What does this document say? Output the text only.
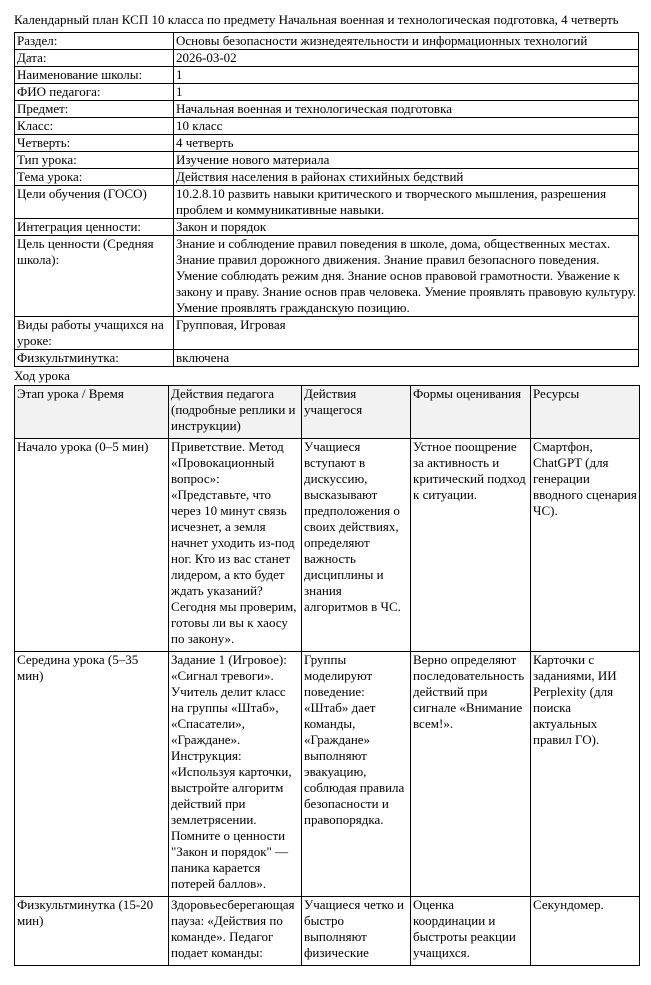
Календарный план КСП 10 класса по предмету Начальная военная и технологическая подготовка, 4 четверть
Раздел:	Основы безопасности жизнедеятельности и информационных технологий
Дата:	2026-03-02
Наименование школы:	1
ФИО педагога:	1
Предмет:	Начальная военная и технологическая подготовка
Класс:	10 класс
Четверть:	4 четверть
Тип урока:	Изучение нового материала
Тема урока:	Действия населения в районах стихийных бедствий
Цели обучения (ГОСО)	10.2.8.10 развить навыки критического и творческого мышления, разрешения проблем и коммуникативные навыки.
Интеграция ценности:	Закон и порядок
Цель ценности (Средняя школа):	Знание и соблюдение правил поведения в школе, дома, общественных местах. Знание правил дорожного движения. Знание правил безопасного поведения. Умение соблюдать режим дня. Знание основ правовой грамотности. Уважение к закону и праву. Знание основ прав человека. Умение проявлять правовую культуру. Умение проявлять гражданскую позицию.
Виды работы учащихся на уроке:	Групповая, Игровая
Физкультминутка:	включена
Ход урока
Этап урока / Время	Действия педагога (подробные реплики и инструкции)	Действия учащегося	Формы оценивания	Ресурсы
Начало урока (0–5 мин)	Приветствие. Метод «Провокационный вопрос»: «Представьте, что через 10 минут связь исчезнет, а земля начнет уходить из-под ног. Кто из вас станет лидером, а кто будет ждать указаний? Сегодня мы проверим, готовы ли вы к хаосу по закону».	Учащиеся вступают в дискуссию, высказывают предположения о своих действиях, определяют важность дисциплины и знания алгоритмов в ЧС.	Устное поощрение за активность и критический подход к ситуации.	Смартфон, ChatGPT (для генерации вводного сценария ЧС).
Середина урока (5–35 мин)	Задание 1 (Игровое): «Сигнал тревоги». Учитель делит класс на группы «Штаб», «Спасатели», «Граждане». Инструкция: «Используя карточки, выстройте алгоритм действий при землетрясении. Помните о ценности "Закон и порядок" — паника карается потерей баллов».	Группы моделируют поведение: «Штаб» дает команды, «Граждане» выполняют эвакуацию, соблюдая правила безопасности и правопорядка.	Верно определяют последовательность действий при сигнале «Внимание всем!».	Карточки с заданиями, ИИ Perplexity (для поиска актуальных правил ГО).
Физкультминутка (15-20 мин)	Здоровьесберегающая пауза: «Действия по команде». Педагог подает команды:	Учащиеся четко и быстро выполняют физические	Оценка координации и быстроты реакции учащихся.	Секундомер.
